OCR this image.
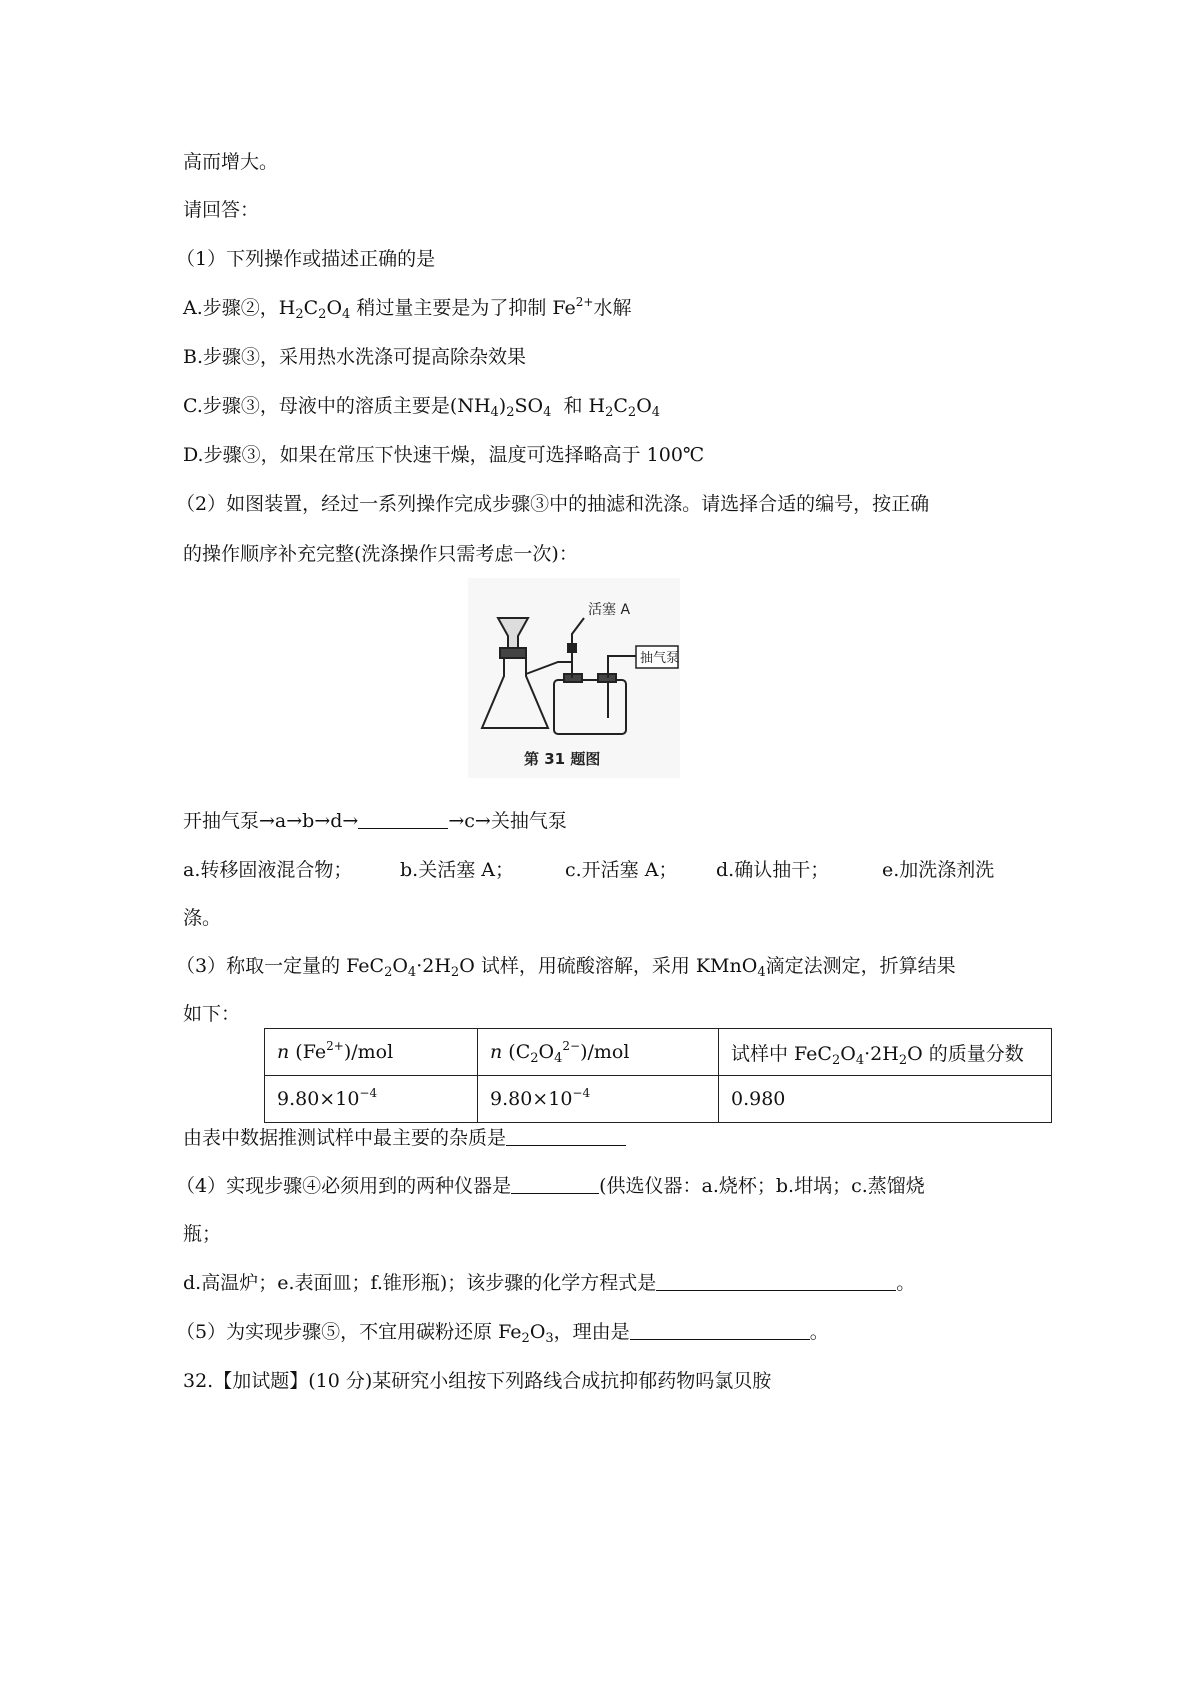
高而增大。
请回答：
（1）下列操作或描述正确的是
A.步骤②，$H_2C_2O_4$ 稍过量主要是为了抑制 $Fe^{2+}$水解
B.步骤③，采用热水洗涤可提高除杂效果
C.步骤③，母液中的溶质主要是$(NH_4)_2SO_4$ 和 $H_2C_2O_4$
D.步骤③，如果在常压下快速干燥，温度可选择略高于 100℃
（2）如图装置，经过一系列操作完成步骤③中的抽滤和洗涤。请选择合适的编号，按正确
的操作顺序补充完整(洗涤操作只需考虑一次)：
活塞 A
抽气泵
第 31 题图
开抽气泵→a→b→d→	→c→关抽气泵
a.转移固液混合物；	b.关活塞 A；	c.开活塞 A； d.确认抽干；	e.加洗涤剂洗
涤。
（3）称取一定量的 $FeC_2O_4\cdot 2H_2O$ 试样，用硫酸溶解，采用 KMnO$_4$滴定法测定，折算结果
如下：
n $(Fe^{2+})$/mol	n $(C_2O_4^{2-})$/mol	试样中 $FeC_2O_4\cdot 2H_2O$ 的质量分数
$9.80\times 10^{-4}$	$9.80\times 10^{-4}$	0.980
由表中数据推测试样中最主要的杂质是
（4）实现步骤④必须用到的两种仪器是	(供选仪器：a.烧杯；b.坩埚；c.蒸馏烧
瓶；
d.高温炉；e.表面皿；f.锥形瓶)；该步骤的化学方程式是	。
（5）为实现步骤⑤，不宜用碳粉还原 $Fe_2O_3$，理由是	。
32.【加试题】(10 分)某研究小组按下列路线合成抗抑郁药物吗氯贝胺
